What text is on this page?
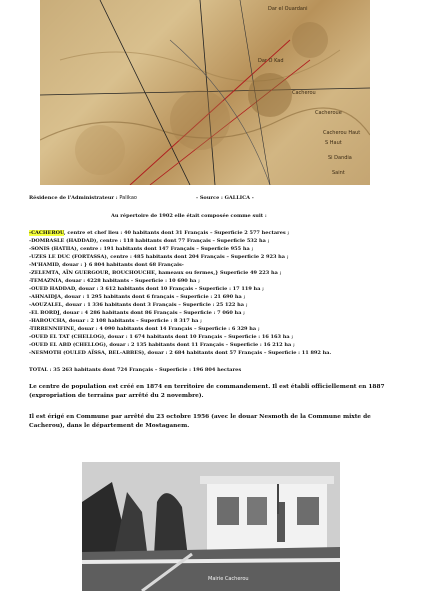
Dar el Ouardani
Dar O Kad
Cacherou
Cacheroue
Cacherou Haut
S Haut
Si Dandia
Saint
Résidence de l'Administrateur : Palikao	- Source : GALLICA -
Au répertoire de 1902 elle était composée comme suit :
-CACHEROU, centre et chef lieu : 40 habitants dont 31 Français – Superficie 2 577 hectares ;
-DOMBASLE (HADDAD), centre : 118 habitants dont 77 Français – Superficie 532 ha ;
-SONIS (HATIIA), centre : 191 habitants dont 147 Français – Superficie 955 ha ;
-UZES LE DUC (FORTASSA), centre : 485 habitants dont 204 Français – Superficie 2 923 ha ;
-M'HAMID, douar : } 6 804 habitants dont 68 Français-
-ZELEMTA, AÏN GUERGOUR, BOUCHOUCHE, hameaux ou fermes,} Superficie 49 223 ha ;
-TEMAZNIA, douar : 4228 habitants – Superficie : 10 690 ha ;
-OUED HADDAD, douar : 3 612 habitants dont 10 Français – Superficie : 17 119 ha ;
-AHNAIDJA, douar : 1 295 habitants dont 6 français – Superficie : 21 690 ha ;
-AOUZALEL, douar : 1 336 habitants dont 3 Français – Superficie : 25 122 ha ;
-EL BORDJ, douar : 4 286 habitants dont 86 Français – Superficie : 7 060 ha ;
-HABOUCHA, douar : 2 108 habitants – Superficie : 8 317 ha ;
-TIRRENNIFINE, douar : 4 090 habitants dont 14 Français – Superficie : 6 329 ha ;
-OUED EL TAT (CHELLOG), douar : 1 674 habitants dont 10 Français – Superficie : 16 163 ha ;
-OUED EL ABD (CHELLOG), douar : 2 135 habitants dont 11 Français – Superficie : 16 212 ha ;
-NESMOTH (OULED AÏSSA, BEL-ABBES), douar : 2 684 habitants dont 57 Français – Superficie : 11 892 ha.
TOTAL : 35 263 habitants dont 724 Français – Superficie : 196 804 hectares
Le centre de population est créé en 1874 en territoire de commandement. Il est établi officiellement en 1887 (expropriation de terrains par arrêté du 2 novembre).
Il est érigé en Commune par arrêté du 23 octobre 1956 (avec le douar Nesmoth de la Commune mixte de Cacherou), dans le département de Mostaganem.
Mairie Cacherou
